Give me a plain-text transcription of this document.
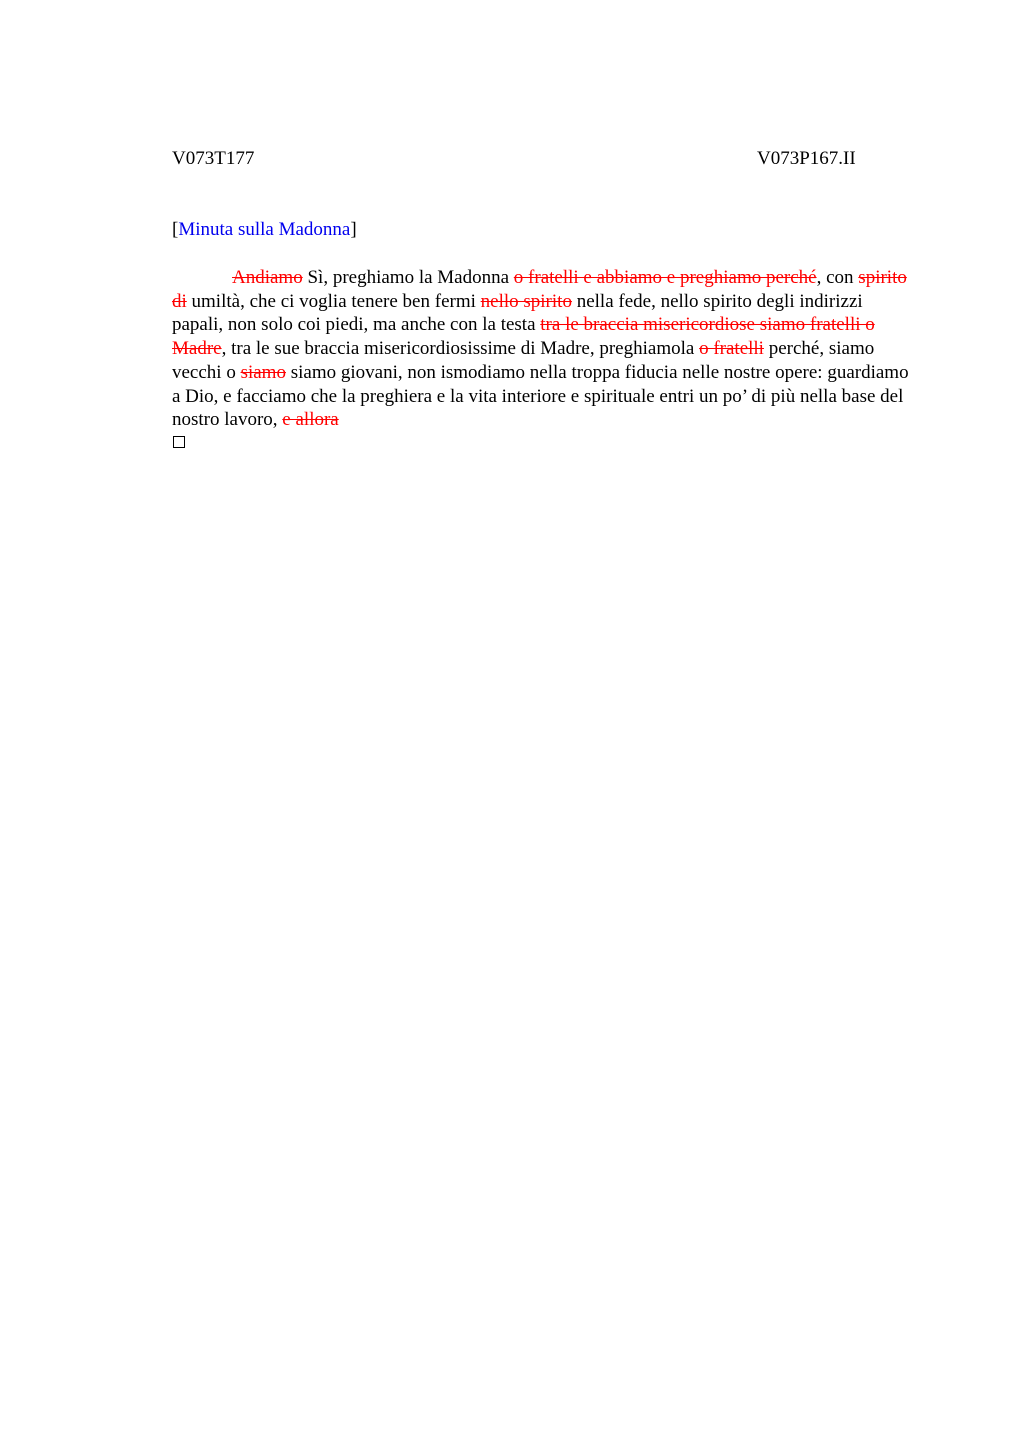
V073T177	V073P167.II
[Minuta sulla Madonna]
Andiamo Sì, preghiamo la Madonna o fratelli e abbiamo e preghiamo perché, con spirito di umiltà, che ci voglia tenere ben fermi nello spirito nella fede, nello spirito degli indirizzi papali, non solo coi piedi, ma anche con la testa tra le braccia misericordiose siamo fratelli o Madre, tra le sue braccia misericordiosissime di Madre, preghiamola o fratelli perché, siamo vecchi o siamo siamo giovani, non ismodiamo nella troppa fiducia nelle nostre opere: guardiamo a Dio, e facciamo che la preghiera e la vita interiore e spirituale entri un po’ di più nella base del nostro lavoro, e allora
